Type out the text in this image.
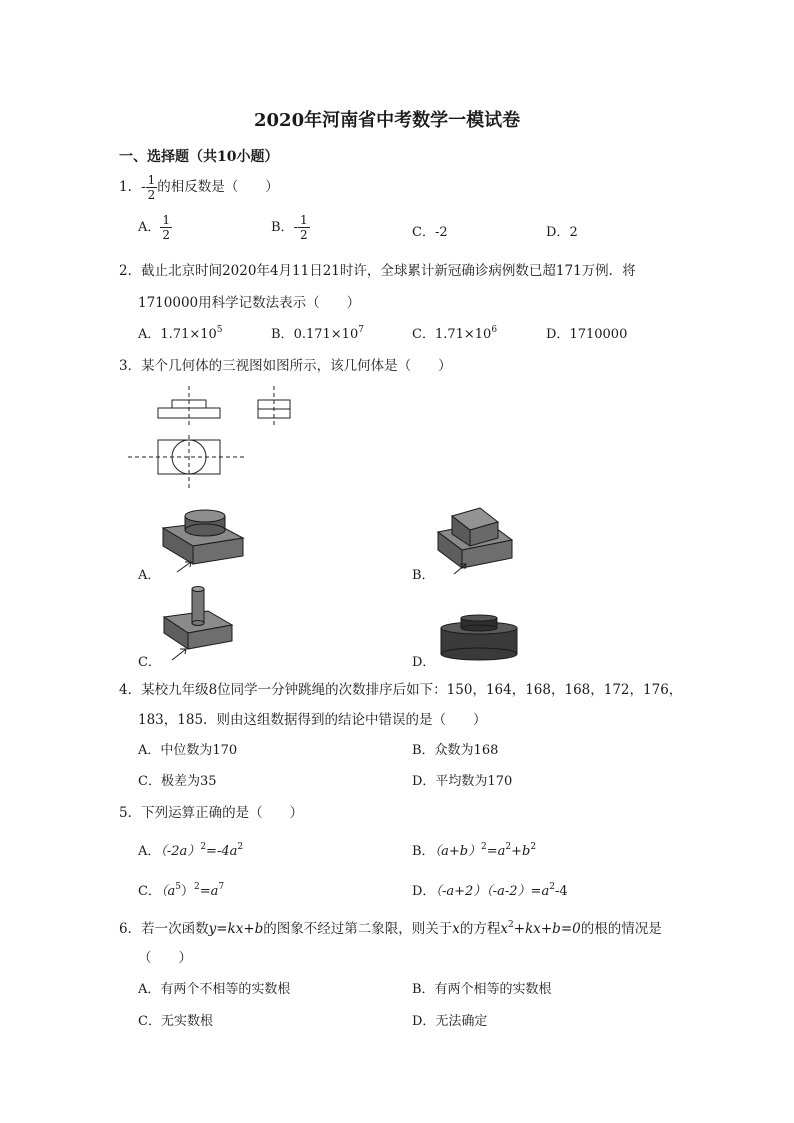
2020年河南省中考数学一模试卷
一、选择题（共10小题）
1．- $\frac{1}{2}$ 的相反数是（　　）
A． $\frac{1}{2}$	B．- $\frac{1}{2}$	C．-2	D．2
2．截止北京时间2020年4月11日21时许，全球累计新冠确诊病例数已超171万例．将
1710000用科学记数法表示（　　）
A．$1.71\times 10^5$	B．$0.171\times 10^7$	C．$1.71\times 10^6$	D．1710000
3．某个几何体的三视图如图所示，该几何体是（　　）
A．	B．
C．	D．
4．某校九年级8位同学一分钟跳绳的次数排序后如下：150，164，168，168，172，176，
183，185．则由这组数据得到的结论中错误的是（　　）
A．中位数为170	B．众数为168
C．极差为35	D．平均数为170
5．下列运算正确的是（　　）
A．$(-2a)^2=-4a^2$	B．$(a+b)^2=a^2+b^2$
C．$(a^5)^2=a^7$	D．$(-a+2)(-a-2)=a^2-4$
6．若一次函数y=kx+b的图象不经过第二象限，则关于x的方程$x^2+kx+b=0$的根的情况是
（　　）
A．有两个不相等的实数根	B．有两个相等的实数根
C．无实数根	D．无法确定
